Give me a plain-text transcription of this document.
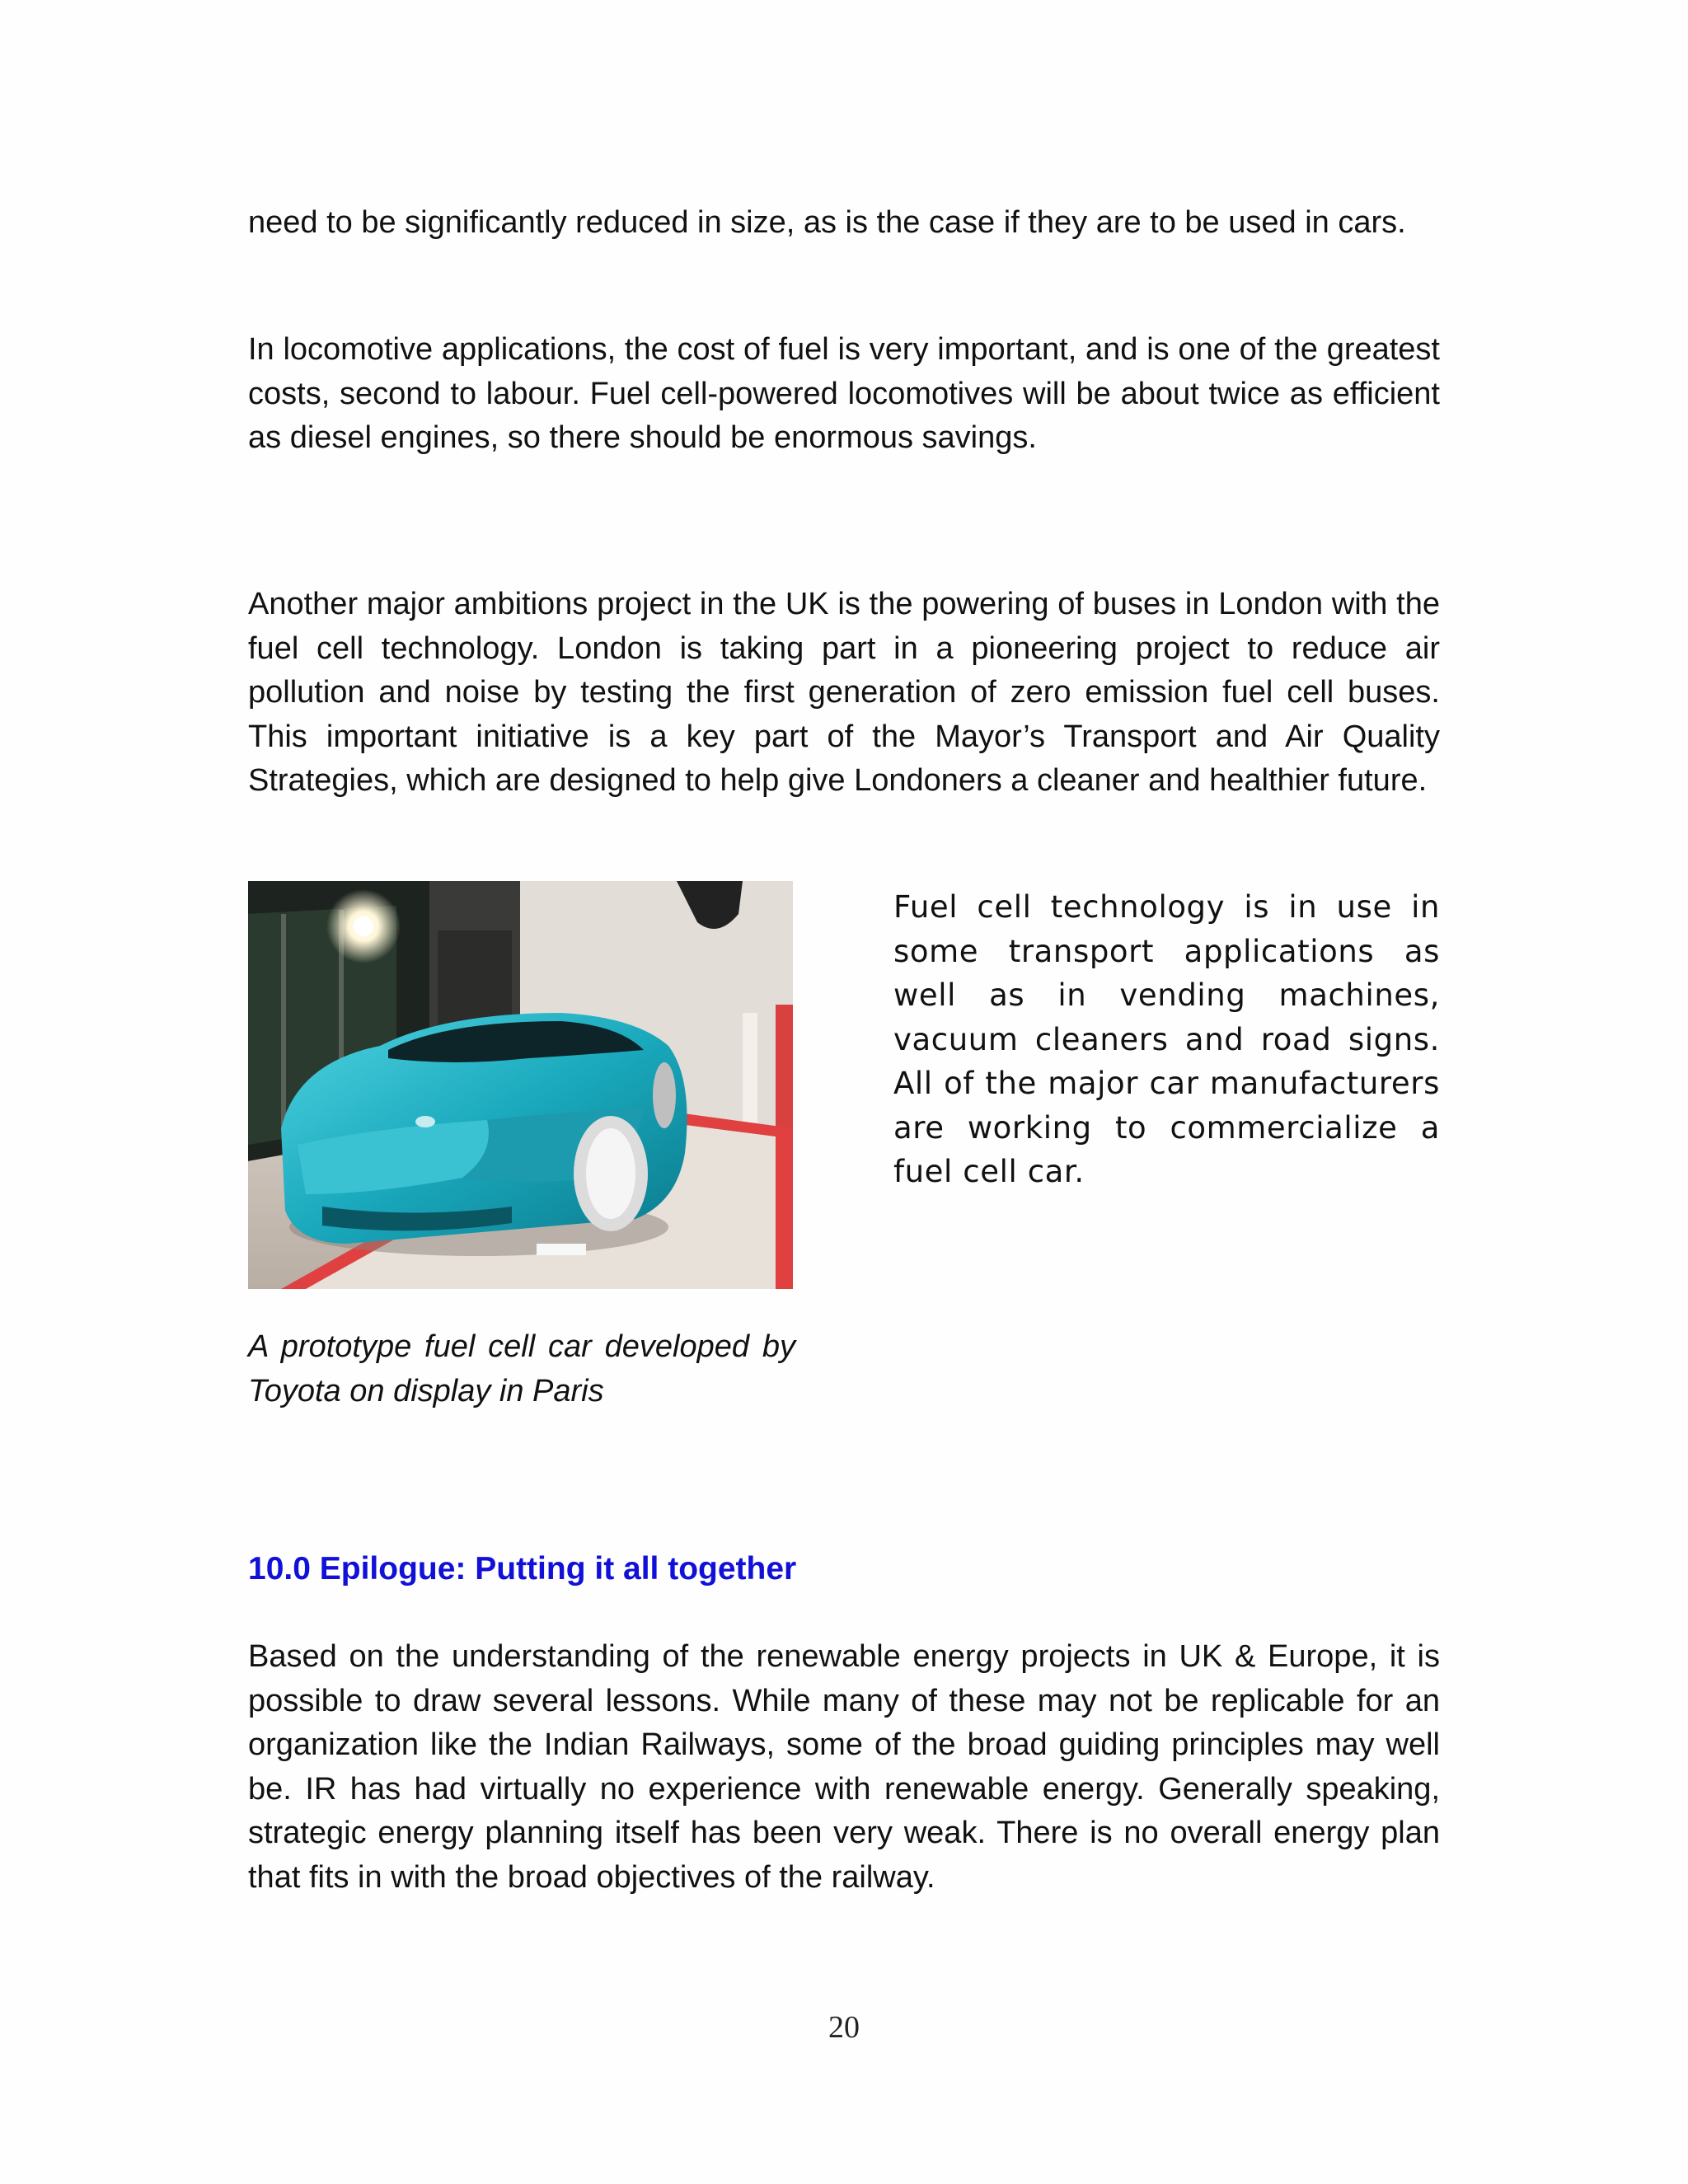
need to be significantly reduced in size, as is the case if they are to be used in cars.

In locomotive applications, the cost of fuel is very important, and is one of the greatest costs, second to labour. Fuel cell-powered locomotives will be about twice as efficient as diesel engines, so there should be enormous savings.

Another major ambitions project in the UK is the powering of buses in London with the fuel cell technology. London is taking part in a pioneering project to reduce air pollution and noise by testing the first generation of zero emission fuel cell buses. This important initiative is a key part of the Mayor’s Transport and Air Quality Strategies, which are designed to help give Londoners a cleaner and healthier future.

Fuel cell technology is in use in some transport applications as well as in vending machines, vacuum cleaners and road signs. All of the major car manufacturers are working to commercialize a fuel cell car.

A prototype fuel cell car developed by Toyota on display in Paris

10.0 Epilogue: Putting it all together

Based on the understanding of the renewable energy projects in UK & Europe, it is possible to draw several lessons. While many of these may not be replicable for an organization like the Indian Railways, some of the broad guiding principles may well be. IR has had virtually no experience with renewable energy. Generally speaking, strategic energy planning itself has been very weak. There is no overall energy plan that fits in with the broad objectives of the railway.

20
